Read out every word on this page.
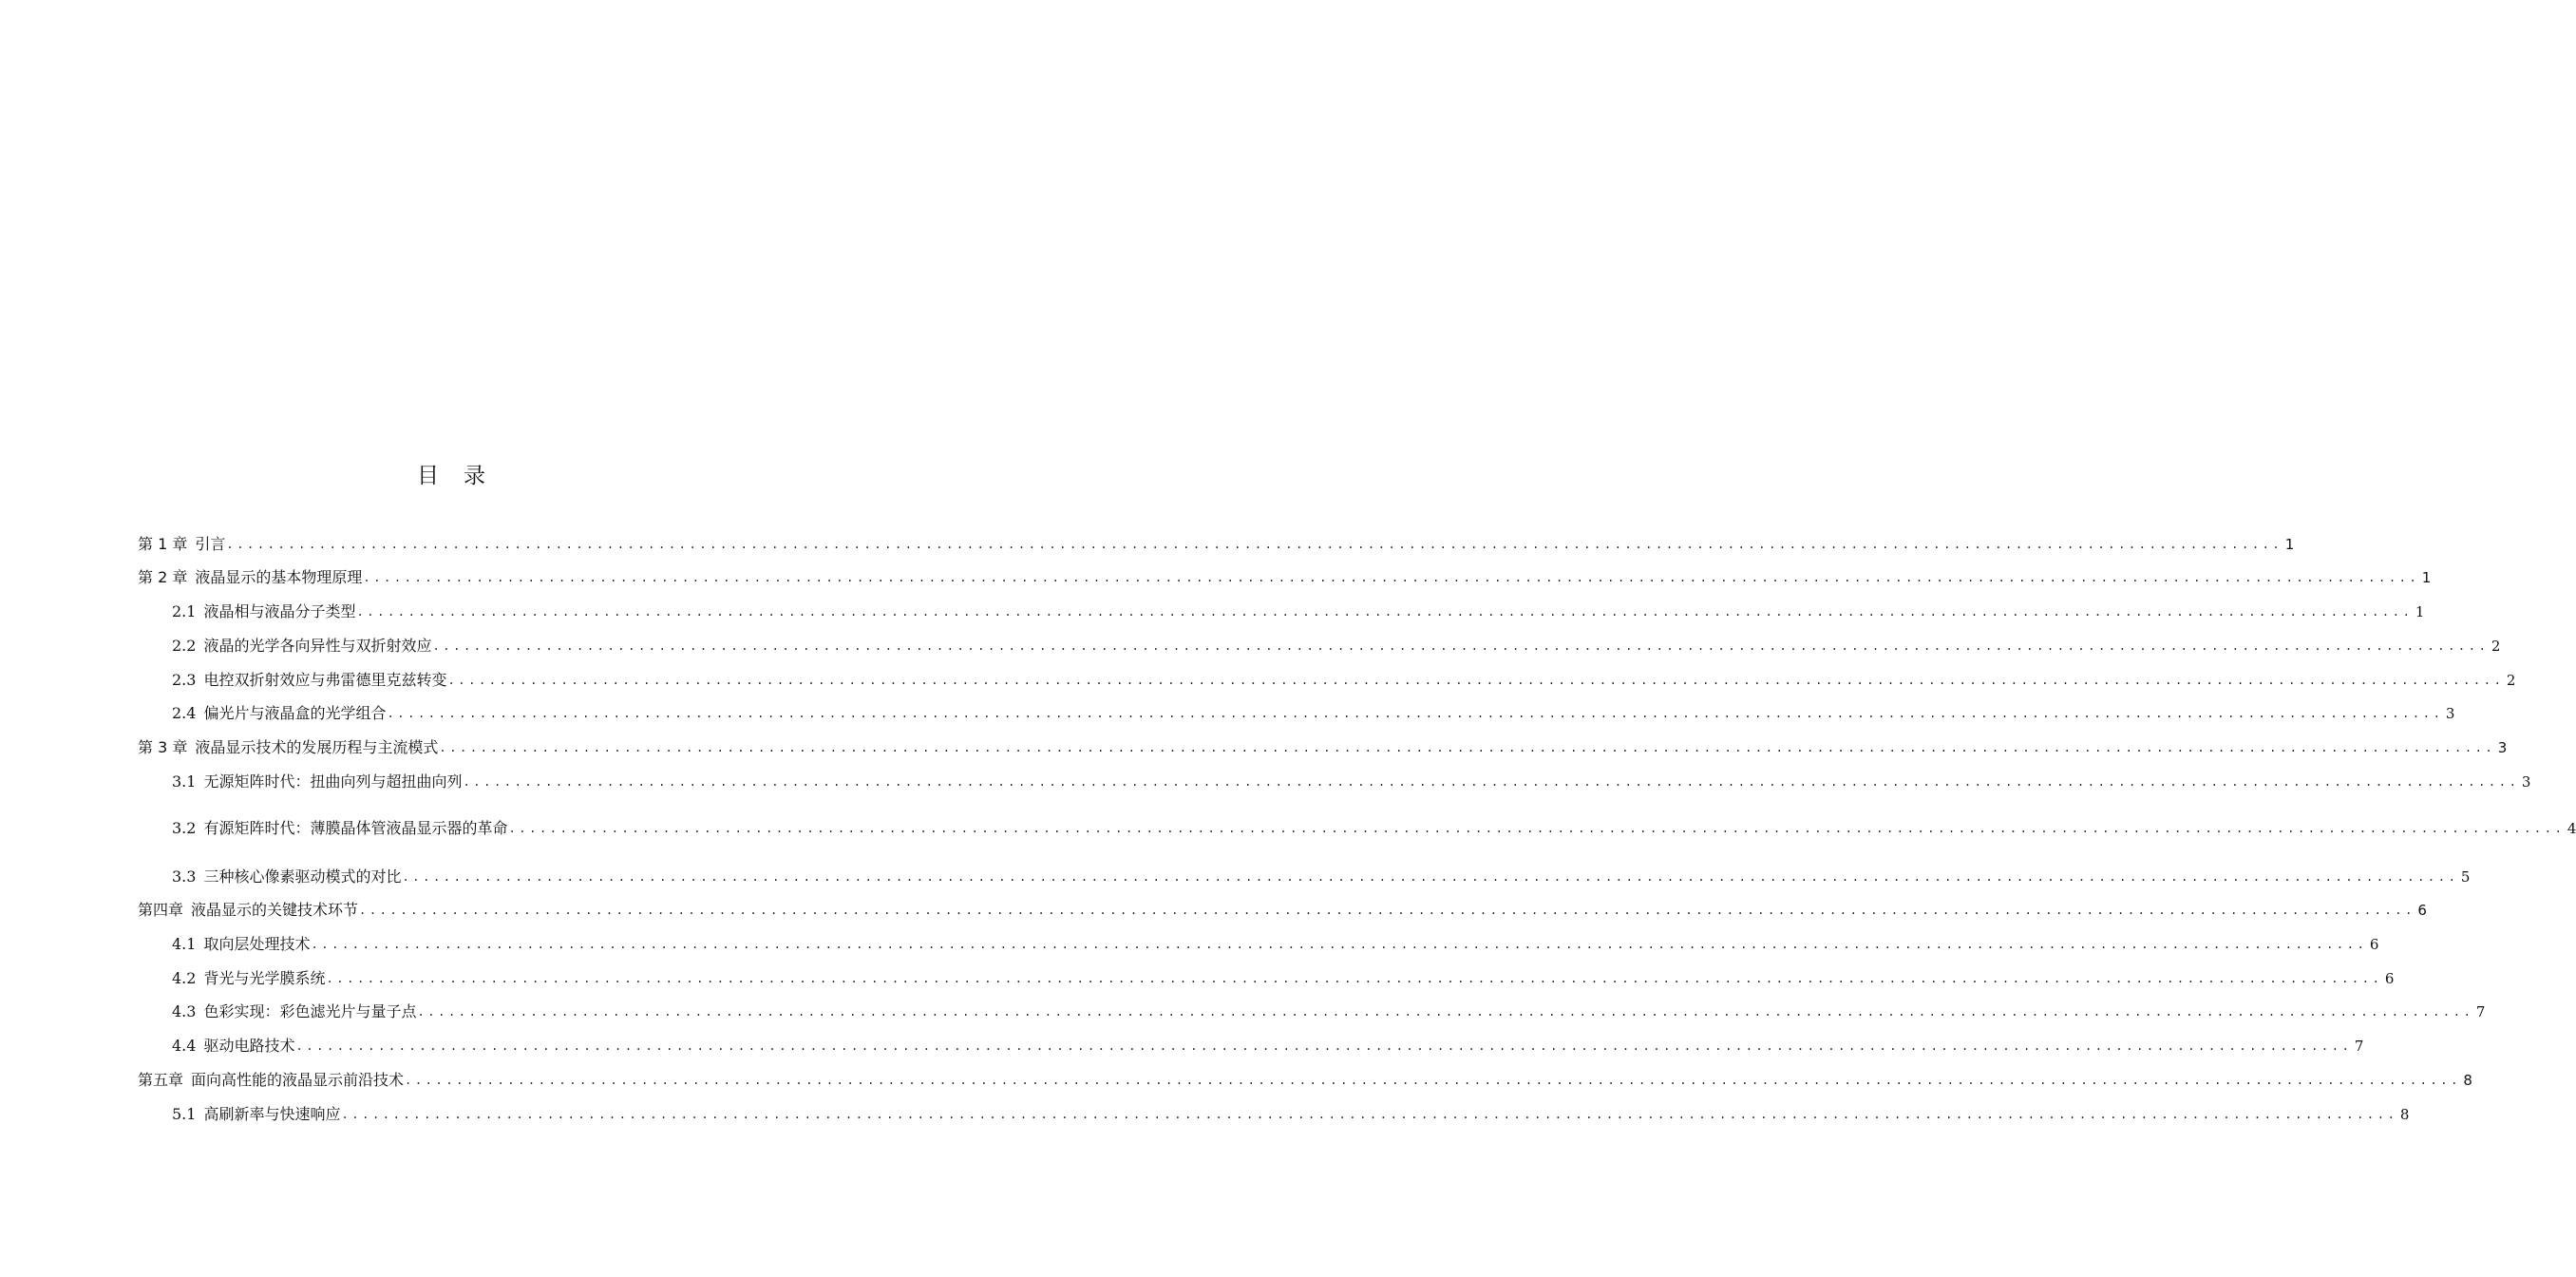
目 录
第 1 章 引言 ........................................................................................................................................................................................................ 1
第 2 章 液晶显示的基本物理原理 ........................................................................................................................................................................................................ 1
2.1 液晶相与液晶分子类型 ........................................................................................................................................................................................................ 1
2.2 液晶的光学各向异性与双折射效应 ........................................................................................................................................................................................................ 2
2.3 电控双折射效应与弗雷德里克兹转变 ........................................................................................................................................................................................................ 2
2.4 偏光片与液晶盒的光学组合 ........................................................................................................................................................................................................ 3
第 3 章 液晶显示技术的发展历程与主流模式 ........................................................................................................................................................................................................ 3
3.1 无源矩阵时代：扭曲向列与超扭曲向列 ........................................................................................................................................................................................................ 3
3.2 有源矩阵时代：薄膜晶体管液晶显示器的革命 ........................................................................................................................................................................................................ 4
3.3 三种核心像素驱动模式的对比 ........................................................................................................................................................................................................ 5
第四章 液晶显示的关键技术环节 ........................................................................................................................................................................................................ 6
4.1 取向层处理技术 ........................................................................................................................................................................................................ 6
4.2 背光与光学膜系统 ........................................................................................................................................................................................................ 6
4.3 色彩实现：彩色滤光片与量子点 ........................................................................................................................................................................................................ 7
4.4 驱动电路技术 ........................................................................................................................................................................................................ 7
第五章 面向高性能的液晶显示前沿技术 ........................................................................................................................................................................................................ 8
5.1 高刷新率与快速响应 ........................................................................................................................................................................................................ 8
